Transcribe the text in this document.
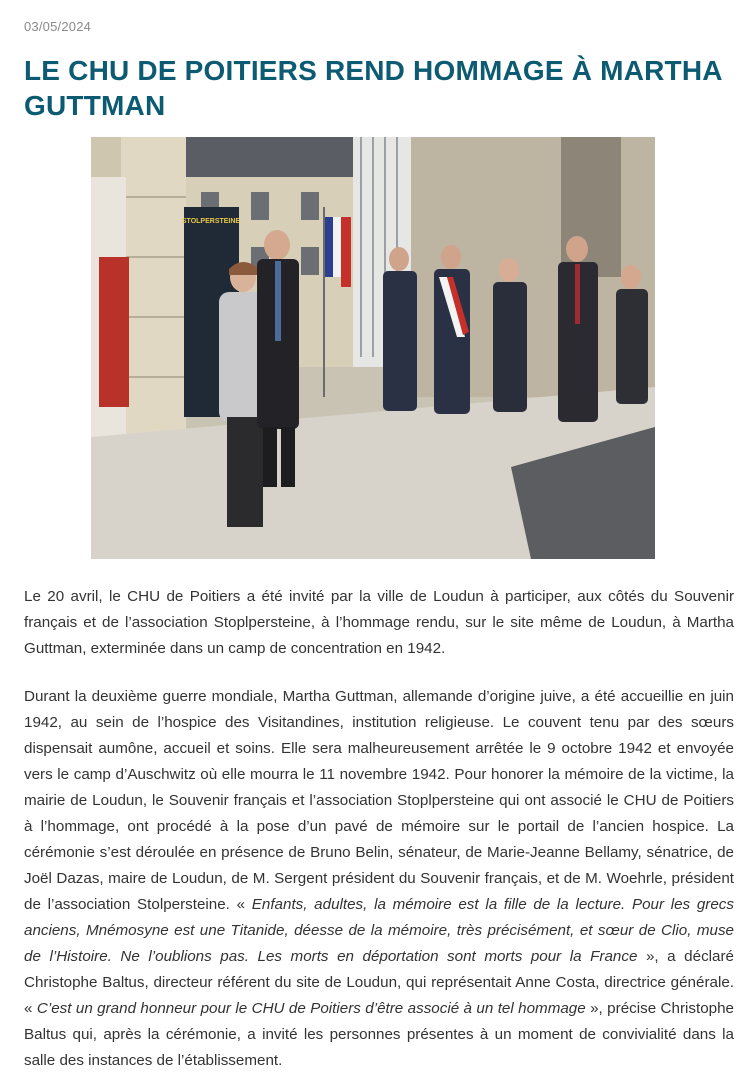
03/05/2024
LE CHU DE POITIERS REND HOMMAGE À MARTHA GUTTMAN
STOLPERSTEINE

Le 20 avril, le CHU de Poitiers a été invité par la ville de Loudun à participer, aux côtés du Souvenir français et de l’association Stoplpersteine, à l’hommage rendu, sur le site même de Loudun, à Martha Guttman, exterminée dans un camp de concentration en 1942.

Durant la deuxième guerre mondiale, Martha Guttman, allemande d’origine juive, a été accueillie en juin 1942, au sein de l’hospice des Visitandines, institution religieuse. Le couvent tenu par des sœurs dispensait aumône, accueil et soins. Elle sera malheureusement arrêtée le 9 octobre 1942 et envoyée vers le camp d’Auschwitz où elle mourra le 11 novembre 1942. Pour honorer la mémoire de la victime, la mairie de Loudun, le Souvenir français et l’association Stoplpersteine qui ont associé le CHU de Poitiers à l’hommage, ont procédé à la pose d’un pavé de mémoire sur le portail de l’ancien hospice. La cérémonie s’est déroulée en présence de Bruno Belin, sénateur, de Marie-Jeanne Bellamy, sénatrice, de Joël Dazas, maire de Loudun, de M. Sergent président du Souvenir français, et de M. Woehrle, président de l’association Stolpersteine. « Enfants, adultes, la mémoire est la fille de la lecture. Pour les grecs anciens, Mnémosyne est une Titanide, déesse de la mémoire, très précisément, et sœur de Clio, muse de l’Histoire. Ne l’oublions pas. Les morts en déportation sont morts pour la France », a déclaré Christophe Baltus, directeur référent du site de Loudun, qui représentait Anne Costa, directrice générale. « C’est un grand honneur pour le CHU de Poitiers d’être associé à un tel hommage », précise Christophe Baltus qui, après la cérémonie, a invité les personnes présentes à un moment de convivialité dans la salle des instances de l’établissement.
